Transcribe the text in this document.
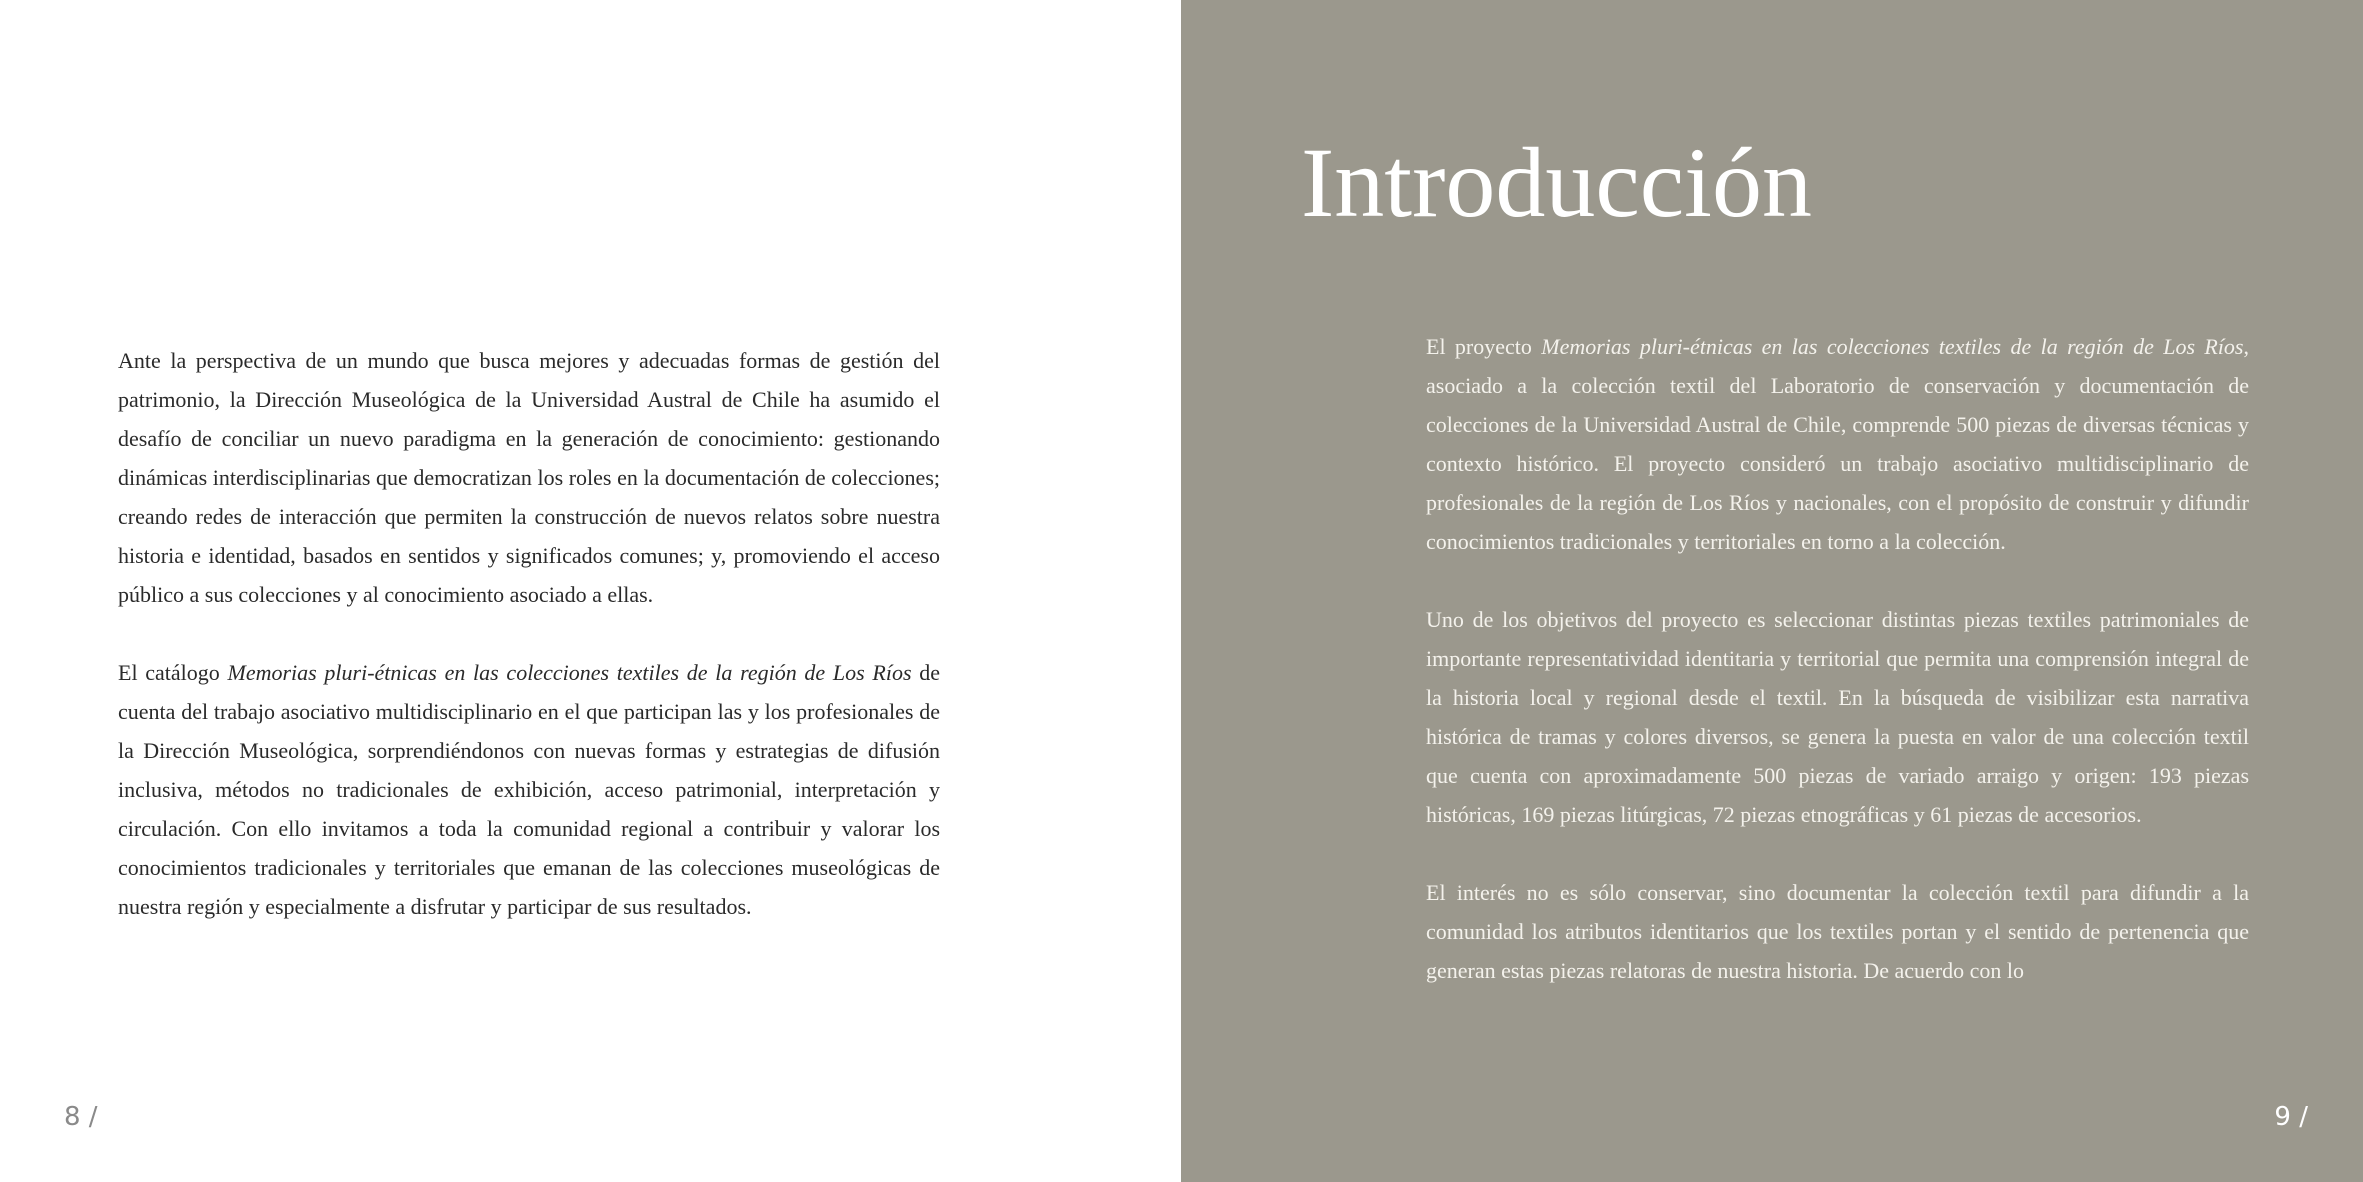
Ante la perspectiva de un mundo que busca mejores y adecuadas formas de gestión del patrimonio, la Dirección Museológica de la Universidad Austral de Chile ha asumido el desafío de conciliar un nuevo paradigma en la generación de conocimiento: gestionando dinámicas interdisciplinarias que democratizan los roles en la documentación de colecciones; creando redes de interacción que permiten la construcción de nuevos relatos sobre nuestra historia e identidad, basados en sentidos y significados comunes; y, promoviendo el acceso público a sus colecciones y al conocimiento asociado a ellas.

El catálogo Memorias pluri-étnicas en las colecciones textiles de la región de Los Ríos de cuenta del trabajo asociativo multidisciplinario en el que participan las y los profesionales de la Dirección Museológica, sorprendiéndonos con nuevas formas y estrategias de difusión inclusiva, métodos no tradicionales de exhibición, acceso patrimonial, interpretación y circulación. Con ello invitamos a toda la comunidad regional a contribuir y valorar los conocimientos tradicionales y territoriales que emanan de las colecciones museológicas de nuestra región y especialmente a disfrutar y participar de sus resultados.

8 /
Introducción

El proyecto Memorias pluri-étnicas en las colecciones textiles de la región de Los Ríos, asociado a la colección textil del Laboratorio de conservación y documentación de colecciones de la Universidad Austral de Chile, comprende 500 piezas de diversas técnicas y contexto histórico. El proyecto consideró un trabajo asociativo multidisciplinario de profesionales de la región de Los Ríos y nacionales, con el propósito de construir y difundir conocimientos tradicionales y territoriales en torno a la colección.

Uno de los objetivos del proyecto es seleccionar distintas piezas textiles patrimoniales de importante representatividad identitaria y territorial que permita una comprensión integral de la historia local y regional desde el textil. En la búsqueda de visibilizar esta narrativa histórica de tramas y colores diversos, se genera la puesta en valor de una colección textil que cuenta con aproximadamente 500 piezas de variado arraigo y origen: 193 piezas históricas, 169 piezas litúrgicas, 72 piezas etnográficas y 61 piezas de accesorios.

El interés no es sólo conservar, sino documentar la colección textil para difundir a la comunidad los atributos identitarios que los textiles portan y el sentido de pertenencia que generan estas piezas relatoras de nuestra historia. De acuerdo con lo

9 /
